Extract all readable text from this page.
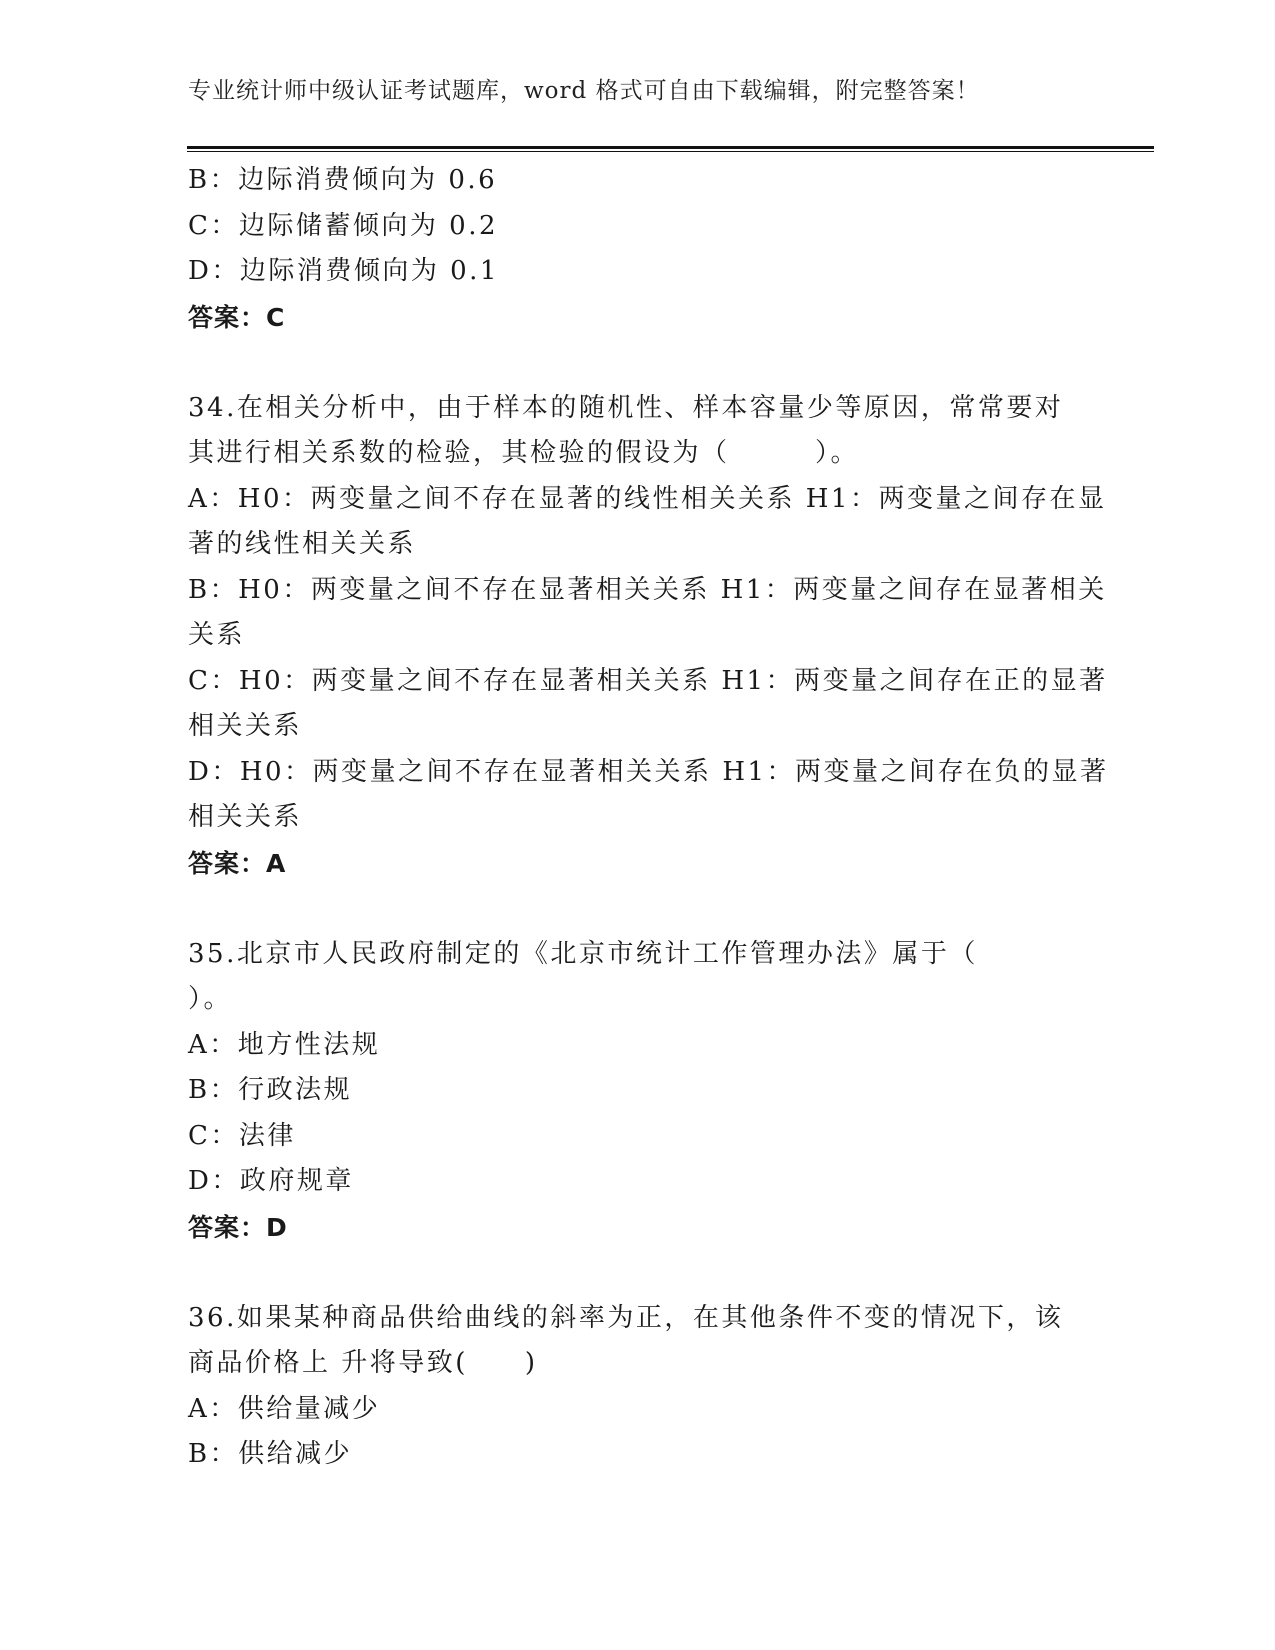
专业统计师中级认证考试题库，word 格式可自由下载编辑，附完整答案！
B：边际消费倾向为 0.6
C：边际储蓄倾向为 0.2
D：边际消费倾向为 0.1
答案：C
34.在相关分析中，由于样本的随机性、样本容量少等原因，常常要对
其进行相关系数的检验，其检验的假设为（　　　）。
A：H0：两变量之间不存在显著的线性相关关系 H1：两变量之间存在显
著的线性相关关系
B：H0：两变量之间不存在显著相关关系 H1：两变量之间存在显著相关
关系
C：H0：两变量之间不存在显著相关关系 H1：两变量之间存在正的显著
相关关系
D：H0：两变量之间不存在显著相关关系 H1：两变量之间存在负的显著
相关关系
答案：A
35.北京市人民政府制定的《北京市统计工作管理办法》属于（
）。
A：地方性法规
B：行政法规
C：法律
D：政府规章
答案：D
36.如果某种商品供给曲线的斜率为正，在其他条件不变的情况下，该
商品价格上 升将导致(　　)
A：供给量减少
B：供给减少
